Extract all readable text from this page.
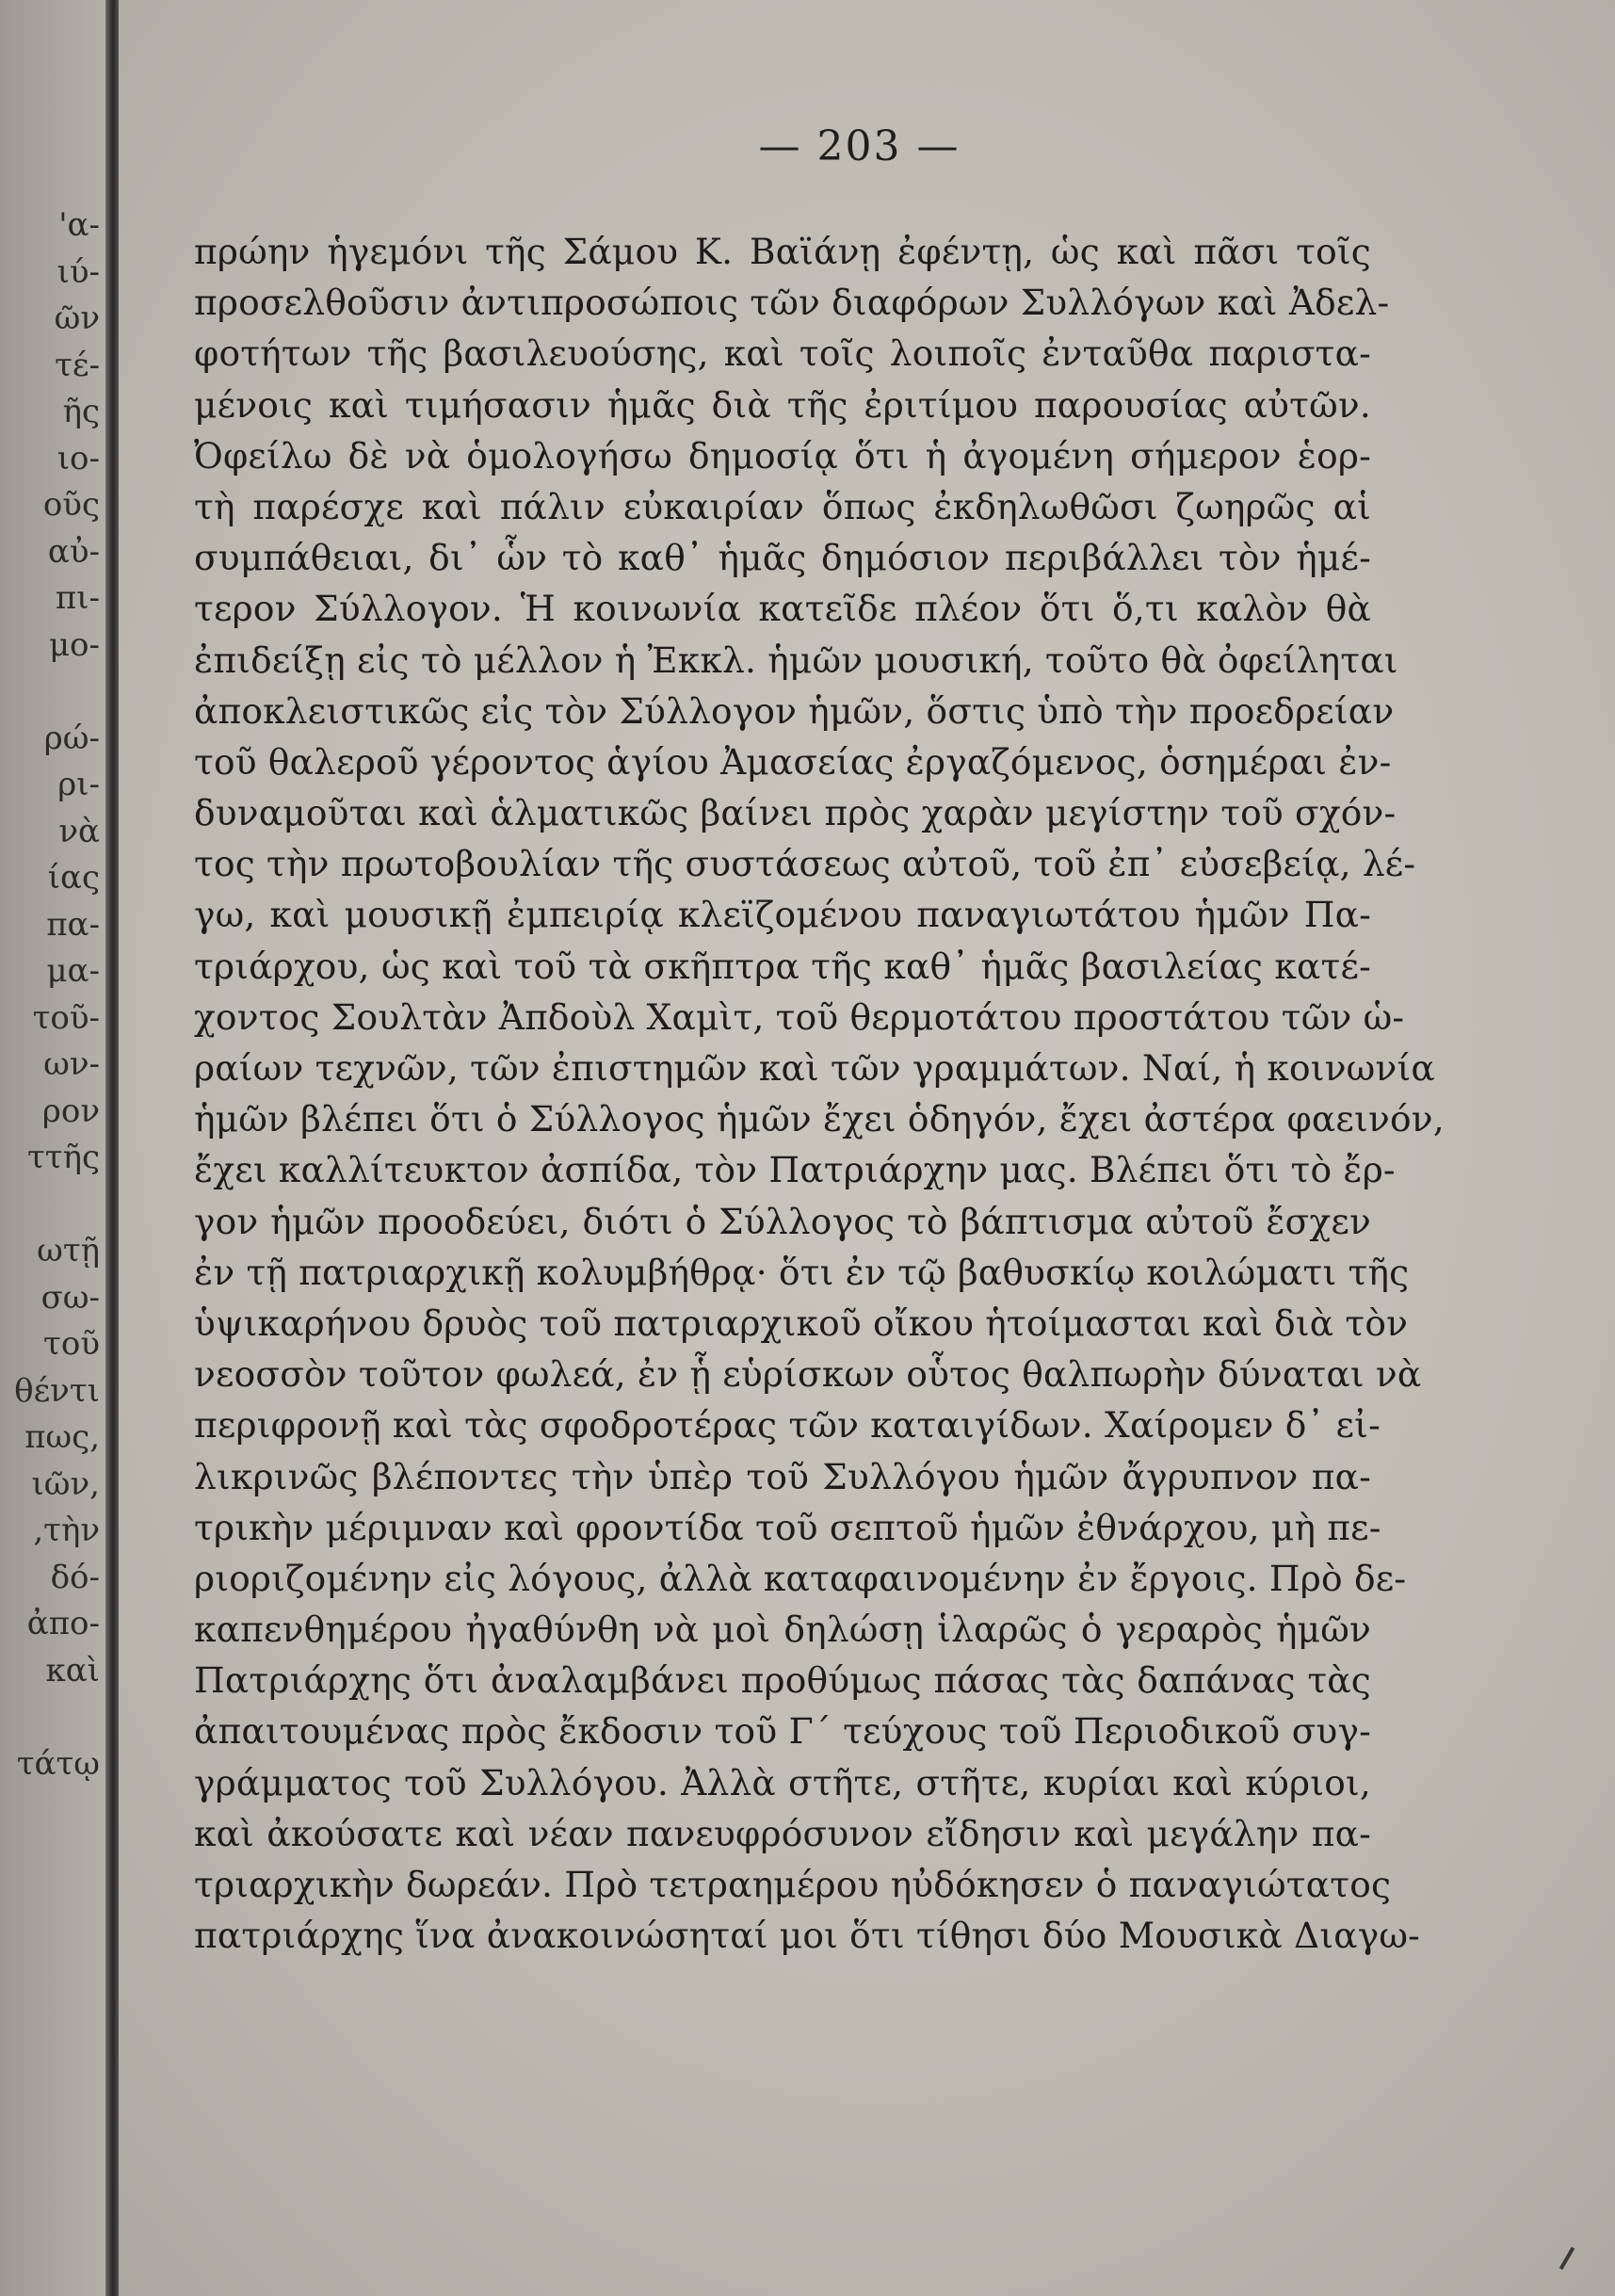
'α-
ιύ-
ῶν
τέ-
ῆς
ιο-
οῦς
αὐ-
πι-
μο-
ρώ-
ρι-
νὰ
ίας
πα-
μα-
τοῦ-
ων-
ρον
ττῆς
ωτῇ
σω-
τοῦ
θέντι
πως,
ιῶν,
,τὴν
δό-
ἀπο-
καὶ
τάτῳ
— 203 —
πρώην ἡγεμόνι τῆς Σάμου Κ. Βαϊάνῃ ἐφέντῃ, ὡς καὶ πᾶσι τοῖς
προσελθοῦσιν ἀντιπροσώποις τῶν διαφόρων Συλλόγων καὶ Ἀδελ-
φοτήτων τῆς βασιλευούσης, καὶ τοῖς λοιποῖς ἐνταῦθα παριστα-
μένοις καὶ τιμήσασιν ἡμᾶς διὰ τῆς ἐριτίμου παρουσίας αὐτῶν.
Ὀφείλω δὲ νὰ ὁμολογήσω δημοσίᾳ ὅτι ἡ ἀγομένη σήμερον ἑορ-
τὴ παρέσχε καὶ πάλιν εὐκαιρίαν ὅπως ἐκδηλωθῶσι ζωηρῶς αἱ
συμπάθειαι, δι᾽ ὧν τὸ καθ᾽ ἡμᾶς δημόσιον περιβάλλει τὸν ἡμέ-
τερον Σύλλογον. Ἡ κοινωνία κατεῖδε πλέον ὅτι ὅ,τι καλὸν θὰ
ἐπιδείξῃ εἰς τὸ μέλλον ἡ Ἐκκλ. ἡμῶν μουσική, τοῦτο θὰ ὀφείληται
ἀποκλειστικῶς εἰς τὸν Σύλλογον ἡμῶν, ὅστις ὑπὸ τὴν προεδρείαν
τοῦ θαλεροῦ γέροντος ἁγίου Ἀμασείας ἐργαζόμενος, ὁσημέραι ἐν-
δυναμοῦται καὶ ἁλματικῶς βαίνει πρὸς χαρὰν μεγίστην τοῦ σχόν-
τος τὴν πρωτοβουλίαν τῆς συστάσεως αὐτοῦ, τοῦ ἐπ᾽ εὐσεβείᾳ, λέ-
γω, καὶ μουσικῇ ἐμπειρίᾳ κλεϊζομένου παναγιωτάτου ἡμῶν Πα-
τριάρχου, ὡς καὶ τοῦ τὰ σκῆπτρα τῆς καθ᾽ ἡμᾶς βασιλείας κατέ-
χοντος Σουλτὰν Ἀπδοὺλ Χαμὶτ, τοῦ θερμοτάτου προστάτου τῶν ὡ-
ραίων τεχνῶν, τῶν ἐπιστημῶν καὶ τῶν γραμμάτων. Ναί, ἡ κοινωνία
ἡμῶν βλέπει ὅτι ὁ Σύλλογος ἡμῶν ἔχει ὁδηγόν, ἔχει ἀστέρα φαεινόν,
ἔχει καλλίτευκτον ἀσπίδα, τὸν Πατριάρχην μας. Βλέπει ὅτι τὸ ἔρ-
γον ἡμῶν προοδεύει, διότι ὁ Σύλλογος τὸ βάπτισμα αὐτοῦ ἔσχεν
ἐν τῇ πατριαρχικῇ κολυμβήθρᾳ· ὅτι ἐν τῷ βαθυσκίῳ κοιλώματι τῆς
ὑψικαρήνου δρυὸς τοῦ πατριαρχικοῦ οἴκου ἡτοίμασται καὶ διὰ τὸν
νεοσσὸν τοῦτον φωλεά, ἐν ᾗ εὑρίσκων οὗτος θαλπωρὴν δύναται νὰ
περιφρονῇ καὶ τὰς σφοδροτέρας τῶν καταιγίδων. Χαίρομεν δ᾽ εἰ-
λικρινῶς βλέποντες τὴν ὑπὲρ τοῦ Συλλόγου ἡμῶν ἄγρυπνον πα-
τρικὴν μέριμναν καὶ φροντίδα τοῦ σεπτοῦ ἡμῶν ἐθνάρχου, μὴ πε-
ριοριζομένην εἰς λόγους, ἀλλὰ καταφαινομένην ἐν ἔργοις. Πρὸ δε-
καπενθημέρου ἠγαθύνθη νὰ μοὶ δηλώσῃ ἱλαρῶς ὁ γεραρὸς ἡμῶν
Πατριάρχης ὅτι ἀναλαμβάνει προθύμως πάσας τὰς δαπάνας τὰς
ἀπαιτουμένας πρὸς ἔκδοσιν τοῦ Γ´ τεύχους τοῦ Περιοδικοῦ συγ-
γράμματος τοῦ Συλλόγου. Ἀλλὰ στῆτε, στῆτε, κυρίαι καὶ κύριοι,
καὶ ἀκούσατε καὶ νέαν πανευφρόσυνον εἴδησιν καὶ μεγάλην πα-
τριαρχικὴν δωρεάν. Πρὸ τετραημέρου ηὐδόκησεν ὁ παναγιώτατος
πατριάρχης ἵνα ἀνακοινώσηταί μοι ὅτι τίθησι δύο Μουσικὰ Διαγω-
